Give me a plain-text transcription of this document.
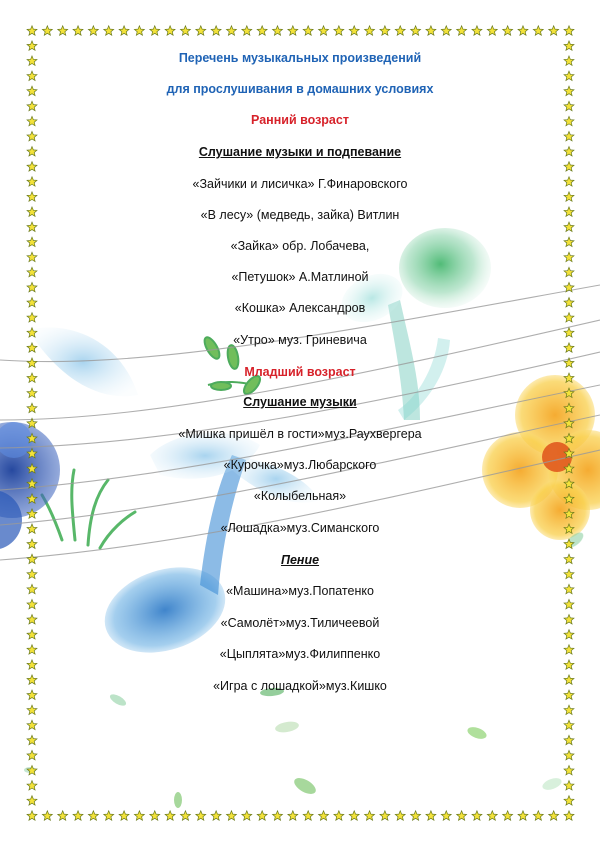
Перечень музыкальных произведений
для прослушивания в домашних условиях
Ранний возраст
Слушание музыки и подпевание
«Зайчики и лисичка» Г.Финаровского
«В лесу» (медведь, зайка) Витлин
«Зайка» обр. Лобачева,
«Петушок» А.Матлиной
«Кошка» Александров
«Утро» муз. Гриневича
Младший возраст
Слушание музыки
«Мишка пришёл в гости»муз.Раухвергера
«Курочка»муз.Любарского
«Колыбельная»
«Лошадка»муз.Симанского
Пение
«Машина»муз.Попатенко
«Самолёт»муз.Тиличеевой
«Цыплята»муз.Филиппенко
«Игра с лошадкой»муз.Кишко
